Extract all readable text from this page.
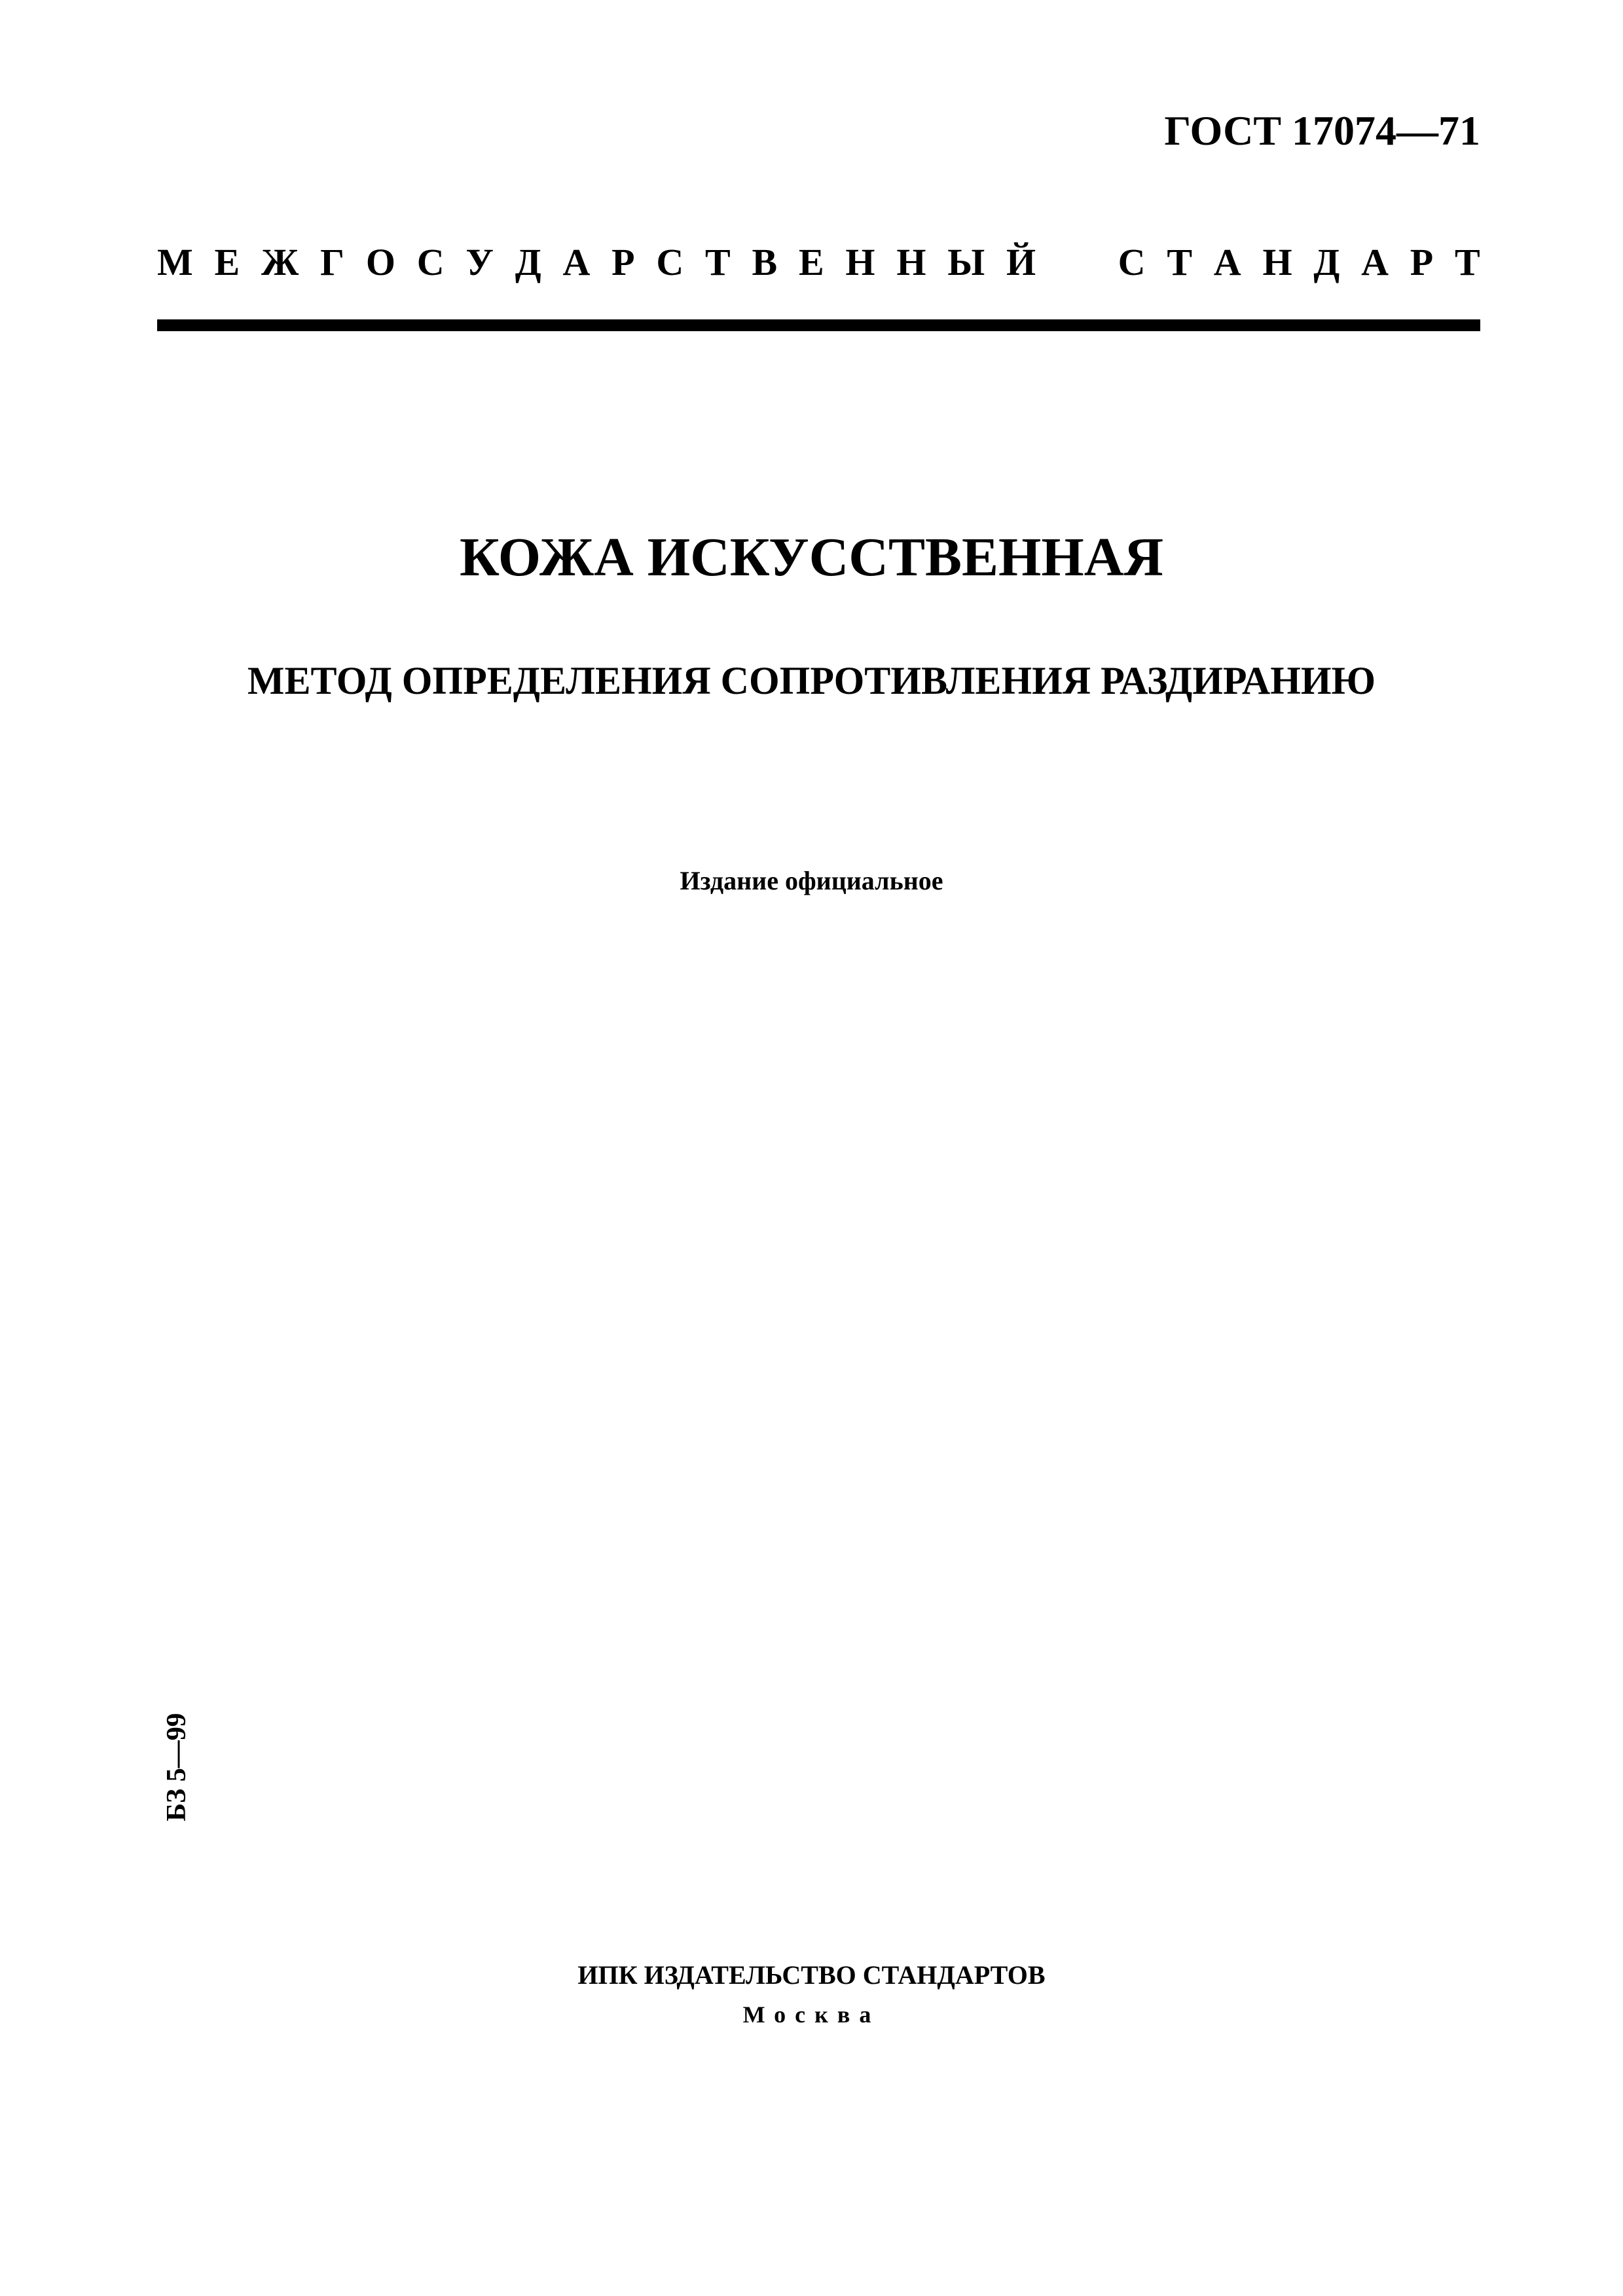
ГОСТ 17074—71
М Е Ж Г О С У Д А Р С Т В Е Н Н Ы Й С Т А Н Д А Р Т
КОЖА ИСКУССТВЕННАЯ
МЕТОД ОПРЕДЕЛЕНИЯ СОПРОТИВЛЕНИЯ РАЗДИРАНИЮ
Издание официальное
БЗ 5—99
ИПК ИЗДАТЕЛЬСТВО СТАНДАРТОВ
Москва
